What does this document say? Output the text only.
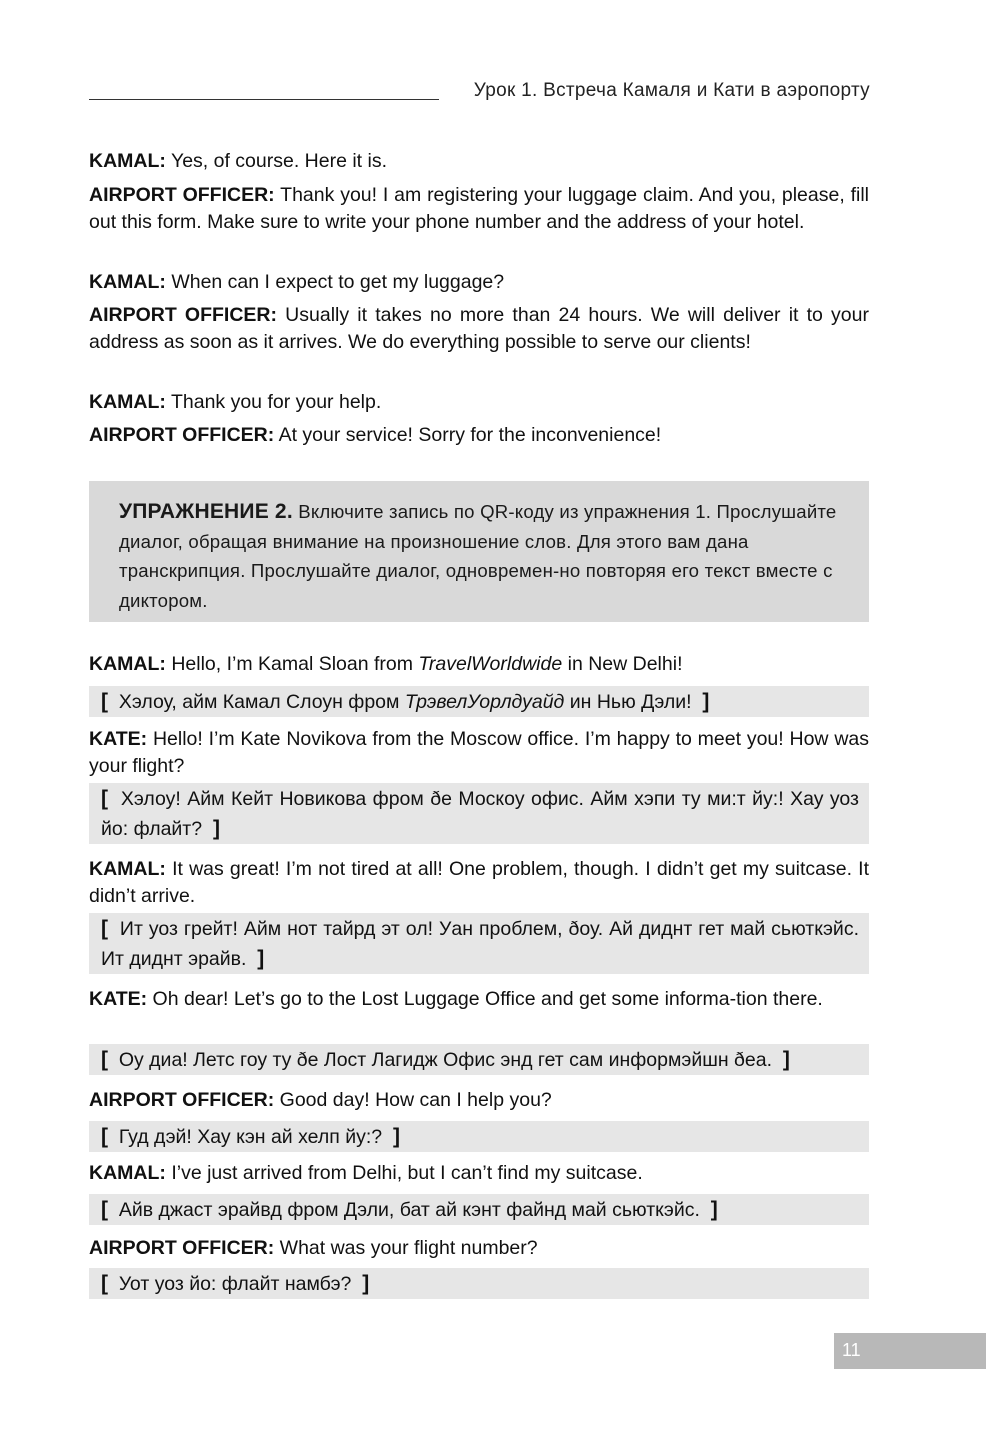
Урок 1. Встреча Камаля и Кати в аэропорту
KAMAL: Yes, of course. Here it is.
AIRPORT OFFICER: Thank you! I am registering your luggage claim. And you, please, fill out this form. Make sure to write your phone number and the address of your hotel.
KAMAL: When can I expect to get my luggage?
AIRPORT OFFICER: Usually it takes no more than 24 hours. We will deliver it to your address as soon as it arrives. We do everything possible to serve our clients!
KAMAL: Thank you for your help.
AIRPORT OFFICER: At your service! Sorry for the inconvenience!
УПРАЖНЕНИЕ 2. Включите запись по QR-коду из упражнения 1. Прослушайте диалог, обращая внимание на произношение слов. Для этого вам дана транскрипция. Прослушайте диалог, одновремен-но повторяя его текст вместе с диктором.
KAMAL: Hello, I’m Kamal Sloan from TravelWorldwide in New Delhi!
[ Хэлоу, айм Камал Слоун фром ТрэвелУорлдуайд ин Нью Дэли! ]
KATE: Hello! I’m Kate Novikova from the Moscow office. I’m happy to meet you! How was your flight?
[ Хэлоу! Айм Кейт Новикова фром ðе Москоу офис. Айм хэпи ту ми:т йу:! Хау уоз йо: флайт? ]
KAMAL: It was great! I’m not tired at all! One problem, though. I didn’t get my suitcase. It didn’t arrive.
[ Ит уоз грейт! Айм нот тайрд эт ол! Уан проблем, ðоу. Ай диднт гет май сьюткэйс. Ит диднт эрайв. ]
KATE: Oh dear! Let’s go to the Lost Luggage Office and get some informa-tion there.
[ Оу диа! Летс гоу ту ðе Лост Лагидж Офис энд гет сам информэйшн ðеа. ]
AIRPORT OFFICER: Good day! How can I help you?
[ Гуд дэй! Хау кэн ай хелп йу:? ]
KAMAL: I’ve just arrived from Delhi, but I can’t find my suitcase.
[ Айв джаст эрайвд фром Дэли, бат ай кэнт файнд май сьюткэйс. ]
AIRPORT OFFICER: What was your flight number?
[ Уот уоз йо: флайт намбэ? ]
11
